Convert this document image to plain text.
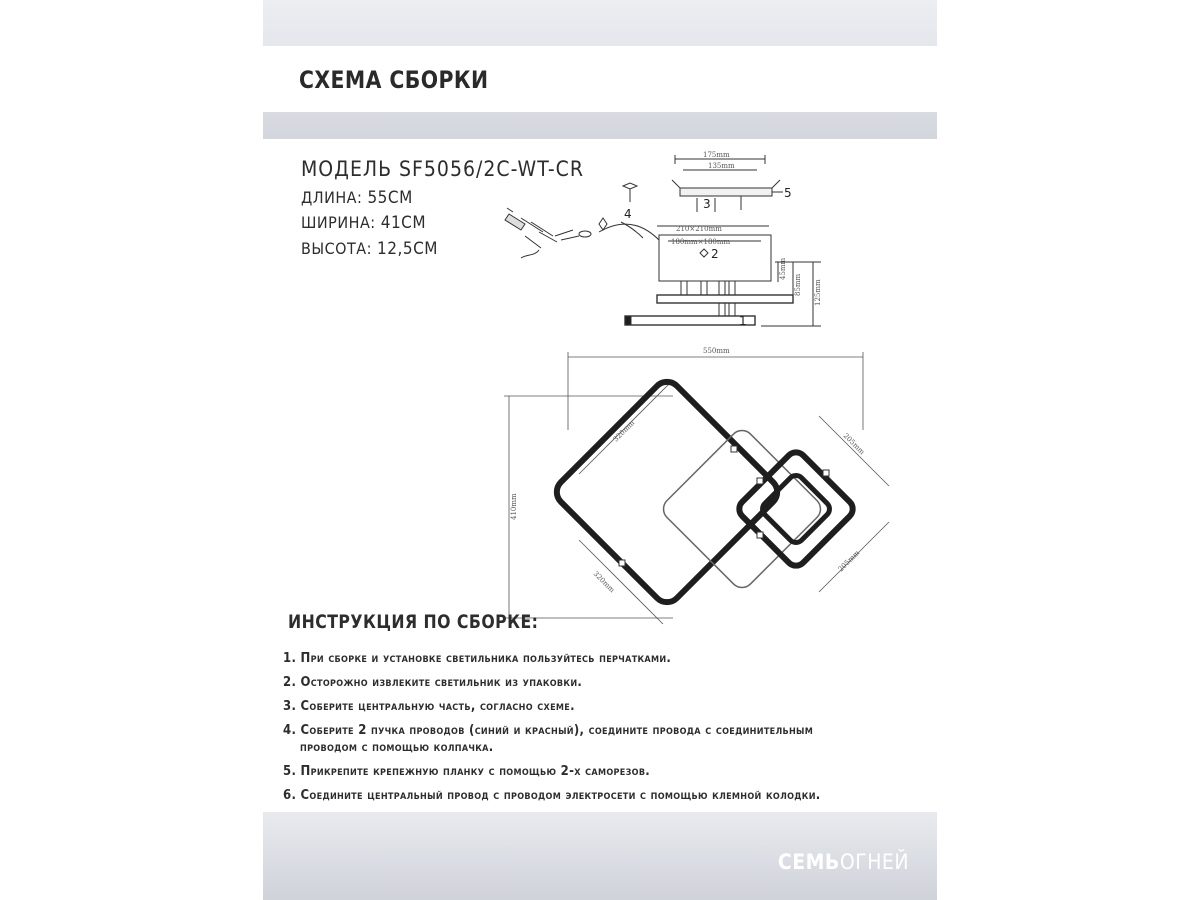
СХЕМА СБОРКИ
МОДЕЛЬ SF5056/2C-WT-CR
ДЛИНА: 55СМ
ШИРИНА: 41СМ
ВЫСОТА: 12,5СМ
175mm
135mm
5
3
4
210×210mm
180mm×180mm
2
1
45mm
85mm 125mm
550mm
410mm
320mm
320mm
205mm
205mm
ИНСТРУКЦИЯ ПО СБОРКЕ:
1. При сборке и установке светильника пользуйтесь перчатками.
2. Осторожно извлеките светильник из упаковки.
3. Соберите центральную часть, согласно схеме.
4. Соберите 2 пучка проводов (синий и красный), соедините провода с соединительным
проводом с помощью колпачка.
5. Прикрепите крепежную планку с помощью 2-х саморезов.
6. Соедините центральный провод с проводом электросети с помощью клемной колодки.
СЕМЬОГНЕЙ
